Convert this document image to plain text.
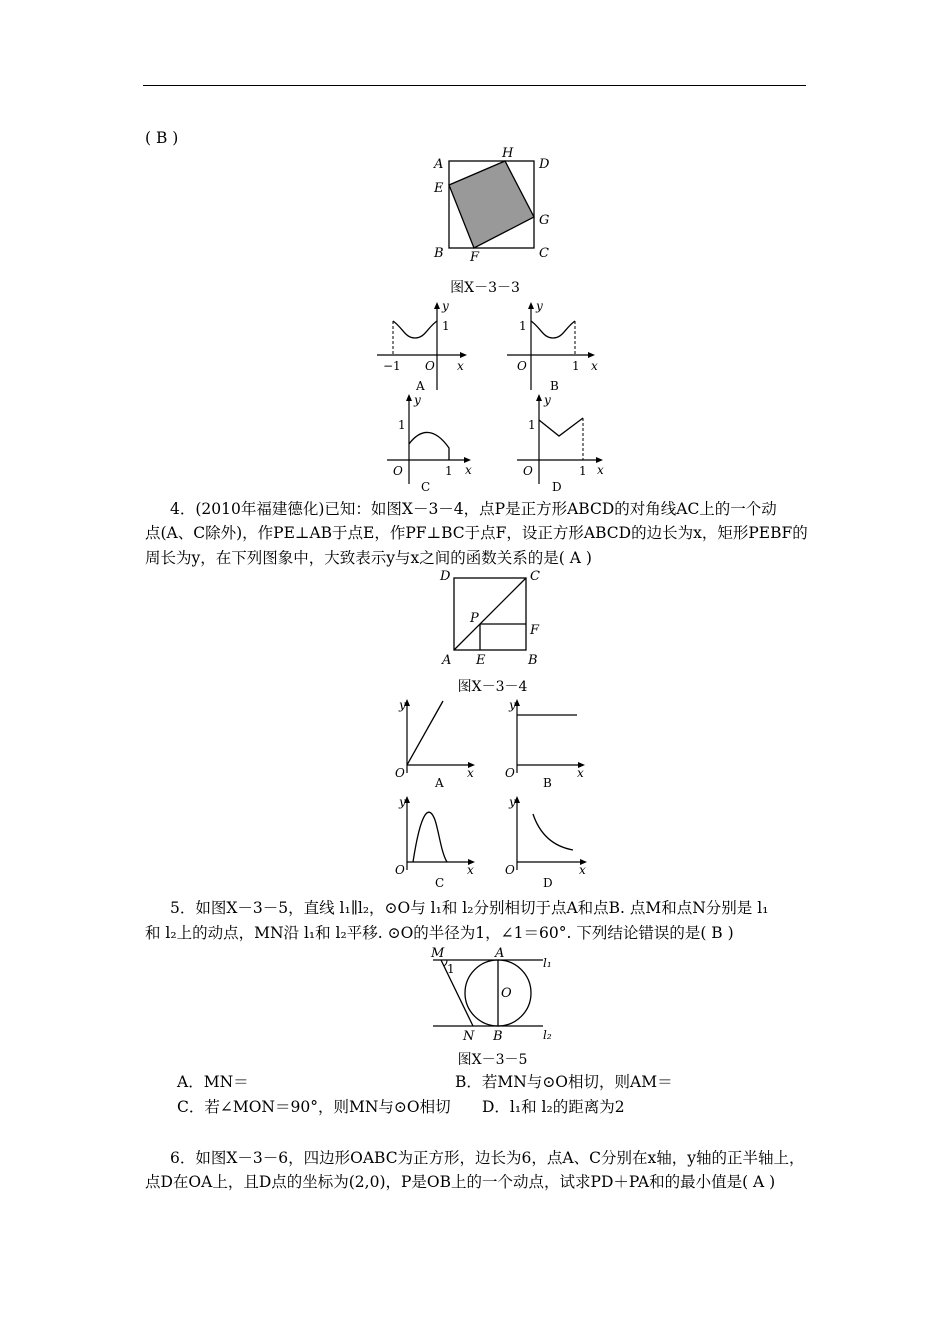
( B )
A
H
D
E
G
B F	C
图X－3－3
y
1
x
O
−1
A
y
1
x
O	1
B
y
1
x
O	1
C
y
1
x
O	1
D
4．(2010年福建德化)已知：如图X－3－4，点P是正方形ABCD的对角线AC上的一个动
点(A、C除外)，作PE⊥AB于点E，作PF⊥BC于点F，设正方形ABCD的边长为x，矩形PEBF的
周长为y，在下列图象中，大致表示y与x之间的函数关系的是( A )
D	C
P
F
A E	B
图X－3－4
y
O	x
A
y
O	x
B
y
O	x
C
y
O	x
D
5．如图X－3－5，直线 l₁∥l₂，⊙O与 l₁和 l₂分别相切于点A和点B. 点M和点N分别是 l₁
和 l₂上的动点，MN沿 l₁和 l₂平移. ⊙O的半径为1，∠1＝60°. 下列结论错误的是( B )
M
1
A
l₁
O
N B	l₂
图X－3－5
A．MN＝	B．若MN与⊙O相切，则AM＝
C．若∠MON＝90°，则MN与⊙O相切 D．l₁和 l₂的距离为2
6．如图X－3－6，四边形OABC为正方形，边长为6，点A、C分别在x轴，y轴的正半轴上，
点D在OA上，且D点的坐标为(2,0)，P是OB上的一个动点，试求PD＋PA和的最小值是( A )
